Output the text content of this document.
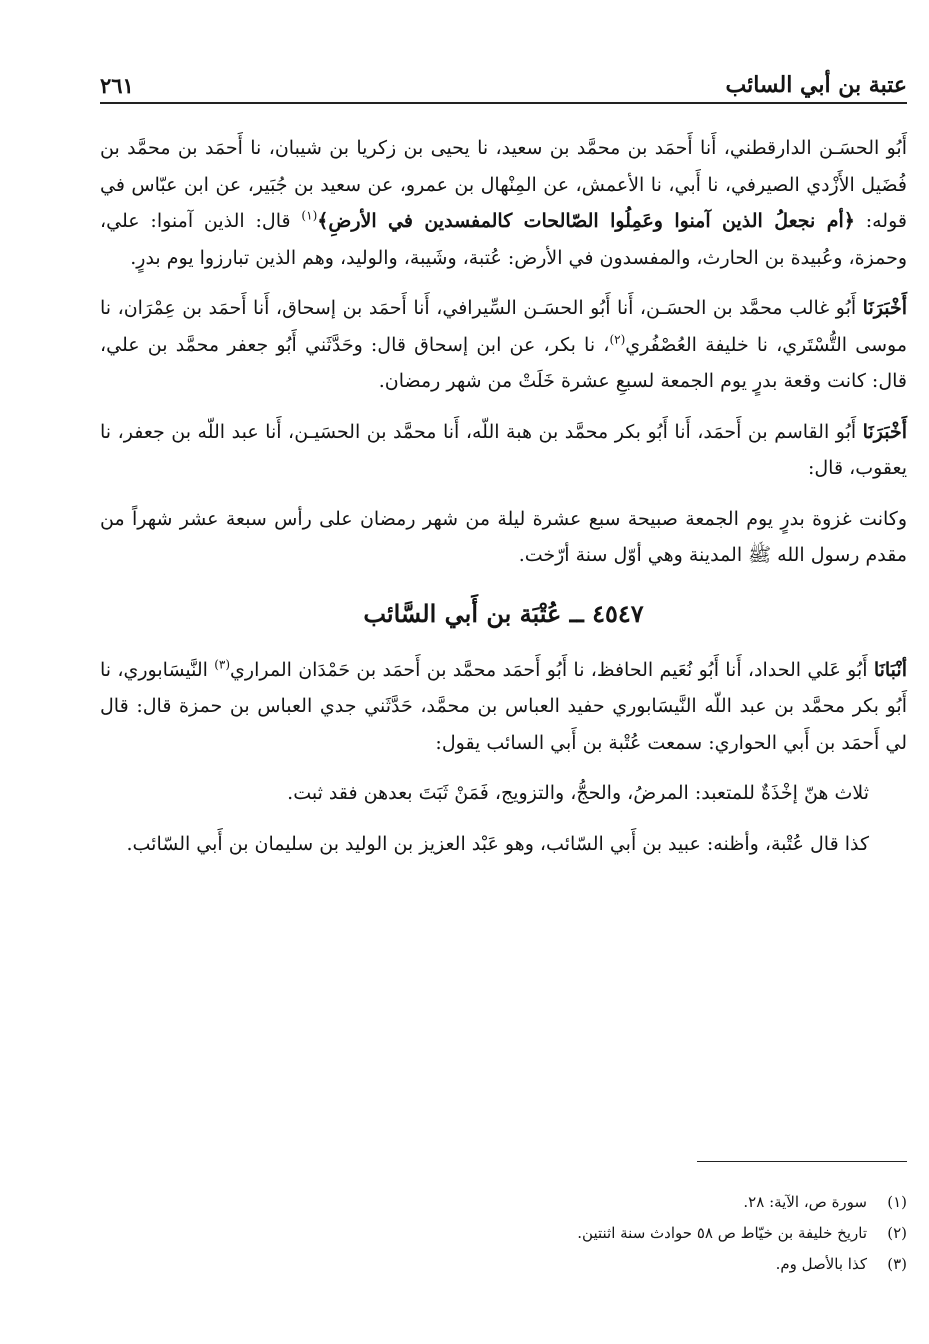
عتبة بن أبي السائب
٢٦١

أَبُو الحسَـن الدارقطني، أَنا أَحمَد بن محمَّد بن سعيد، نا يحيى بن زكريا بن شيبان، نا أَحمَد بن محمَّد بن فُضَيل الأَزْدي الصيرفي، نا أَبي، نا الأعمش، عن المِنْهال بن عمرو، عن سعيد بن جُبَير، عن ابن عبّاس في قوله: ﴿أم نجعلُ الذين آمنوا وعَمِلُوا الصّالحات كالمفسدين في الأرضِ﴾$^{(١)}$ قال: الذين آمنوا: علي، وحمزة، وعُبيدة بن الحارث، والمفسدون في الأرض: عُتبة، وشَيبة، والوليد، وهم الذين تبارزوا يوم بدرٍ.

أَخْبَرَنَا أَبُو غالب محمَّد بن الحسَـن، أَنا أَبُو الحسَـن السِّيرافي، أَنا أَحمَد بن إسحاق، أَنا أَحمَد بن عِمْرَان، نا موسى التُّسْتَري، نا خليفة العُصْفُري$^{(٢)}$، نا بكر، عن ابن إسحاق قال: وحَدَّثَني أَبُو جعفر محمَّد بن علي، قال: كانت وقعة بدرٍ يوم الجمعة لسبعِ عشرة خَلَتْ من شهر رمضان.

أَخْبَرَنَا أَبُو القاسم بن أَحمَد، أَنا أَبُو بكر محمَّد بن هبة اللّه، أَنا محمَّد بن الحسَيـن، أَنا عبد اللّه بن جعفر، نا يعقوب، قال:

وكانت غزوة بدرٍ يوم الجمعة صبيحة سبع عشرة ليلة من شهر رمضان على رأس سبعة عشر شهراً من مقدم رسول الله ﷺ المدينة وهي أوّل سنة أرّخت.

٤٥٤٧ ــ عُتْبَة بن أَبي السَّائب

أنْبَانَا أَبُو عَلي الحداد، أَنا أَبُو نُعَيم الحافظ، نا أَبُو أَحمَد محمَّد بن أَحمَد بن حَمْدَان المراري$^{(٣)}$ النَّيسَابوري، نا أَبُو بكر محمَّد بن عبد اللّه النَّيسَابوري حفيد العباس بن محمَّد، حَدَّثَني جدي العباس بن حمزة قال: قال لي أَحمَد بن أَبي الحواري: سمعت عُتْبة بن أَبي السائب يقول:

ثلاث هنّ إخْذَةٌ للمتعبد: المرضُ، والحجُّ، والتزويج، فَمَنْ ثَبَتَ بعدهن فقد ثبت.

كذا قال عُتْبة، وأظنه: عبيد بن أَبي السّائب، وهو عَبْد العزيز بن الوليد بن سليمان بن أَبي السّائب.

(١)
سورة ص، الآية: ٢٨.
(٢)
تاريخ خليفة بن خيّاط ص ٥٨ حوادث سنة اثنتين.
(٣)
كذا بالأصل وم.
